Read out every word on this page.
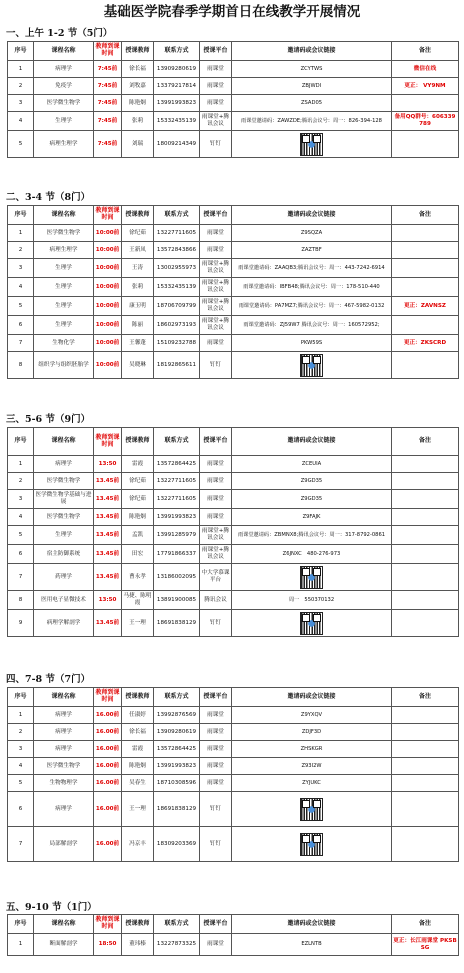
基础医学院春季学期首日在线教学开展情况
一、上午 1-2 节（5门）
序号	课程名称	教师到课时间	授课教师	联系方式	授课平台	邀请码或会议链接	备注
1	病理学	7:45前	徐长福	13909280619	雨课堂	ZCYTWS	微信在线
2	免疫学	7:45前	刘牧嘉	13379217814	雨课堂	ZBJWDI	更正： VY9NM
3	医学微生物学	7:45前	陈艳炯	13991993823	雨课堂	ZSAD05	
4	生理学	7:45前	张莉	15332435139	雨课堂+腾讯会议	雨课堂邀请码：ZAWZDE;腾讯会议号：周一：826-394-128	备用QQ群号：606339789
5	病理生理学	7:45前	刘瑞	18009214349	钉钉		
二、3-4 节（8门）
序号	课程名称	教师到课时间	授课教师	联系方式	授课平台	邀请码或会议链接	备注
1	医学微生物学	10:00前	徐纪茹	13227711605	雨课堂	Z9SQZA	
2	病理生理学	10:00前	王新凤	13572843866	雨课堂	ZAZTBF	
3	生理学	10:00前	王涛	13002955973	雨课堂+腾讯会议	雨课堂邀请码：ZAAQB3;腾讯会议号：周一：443-7242-6914	
4	生理学	10:00前	张莉	15332435139	雨课堂+腾讯会议	雨课堂邀请码：IBFB48;腾讯会议号：周一：178-510-440	
5	生理学	10:00前	康玉明	18706709799	雨课堂+腾讯会议	雨课堂邀请码：PA7MZ7;腾讯会议号：周一：467-5982-0132	更正：ZAVNSZ
6	生理学	10:00前	陈丽	18602973193	雨课堂+腾讯会议	雨课堂邀请码：ZJ59W7 腾讯会议号：周一：160572952;	
7	生物化学	10:00前	王馨蓬	15109232788	雨课堂	PKW59S	更正：ZKSCRD
8	组织学与组织胚胎学	10:00前	吴晓琳	18192865611	钉钉		
三、5-6 节（9门）
序号	课程名称	教师到课时间	授课教师	联系方式	授课平台	邀请码或会议链接	备注
1	病理学	13:50	雷霞	13572864425	雨课堂	ZCEUIA	
2	医学微生物学	13.45前	徐纪茹	13227711605	雨课堂	Z9GD35	
3	医学微生物学基础与进展	13.45前	徐纪茹	13227711605	雨课堂	Z9GD35	
4	医学微生物学	13.45前	陈艳炯	13991993823	雨课堂	Z9FAJK	
5	生理学	13.45前	孟凯	13991285979	雨课堂+腾讯会议	雨课堂邀请码：ZBMNX8;腾讯会议号：周一：317-8792-0861	
6	宿主防御系统	13.45前	田宏	17791866337	雨课堂+腾讯会议	Z6JNXC　480-276-973	
7	药理学	13.45前	曹永孝	13186002095	中大学慕课平台		
8	医用电子显微技术	13:50	马捷、陈明霞	13891900085	腾讯会议	周一　550370132	
9	病理学解剖学	13.45前	王一理	18691838129	钉钉		
四、7-8 节（7门）
序号	课程名称	教师到课时间	授课教师	联系方式	授课平台	邀请码或会议链接	备注
1	病理学	16.00前	任淑婷	13992876569	雨课堂	Z9YXQV	
2	病理学	16.00前	徐长福	13909280619	雨课堂	ZDJF3D	
3	病理学	16.00前	雷霞	13572864425	雨课堂	ZHSKGR	
4	医学微生物学	16.00前	陈艳炯	13991993823	雨课堂	Z93I2W	
5	生物物理学	16.00前	吴春生	18710308596	雨课堂	ZYJUKC	
6	病理学	16.00前	王一理	18691838129	钉钉		
7	局部解剖学	16.00前	冯京丰	18309203369	钉钉		
五、9-10 节（1门）
序号	课程名称	教师到课时间	授课教师	联系方式	授课平台	邀请码或会议链接	备注
1	断面解剖学	18:50	董玮榛	13227873325	雨课堂	EZLNTB	更正：长江雨课堂 PKSBSG
